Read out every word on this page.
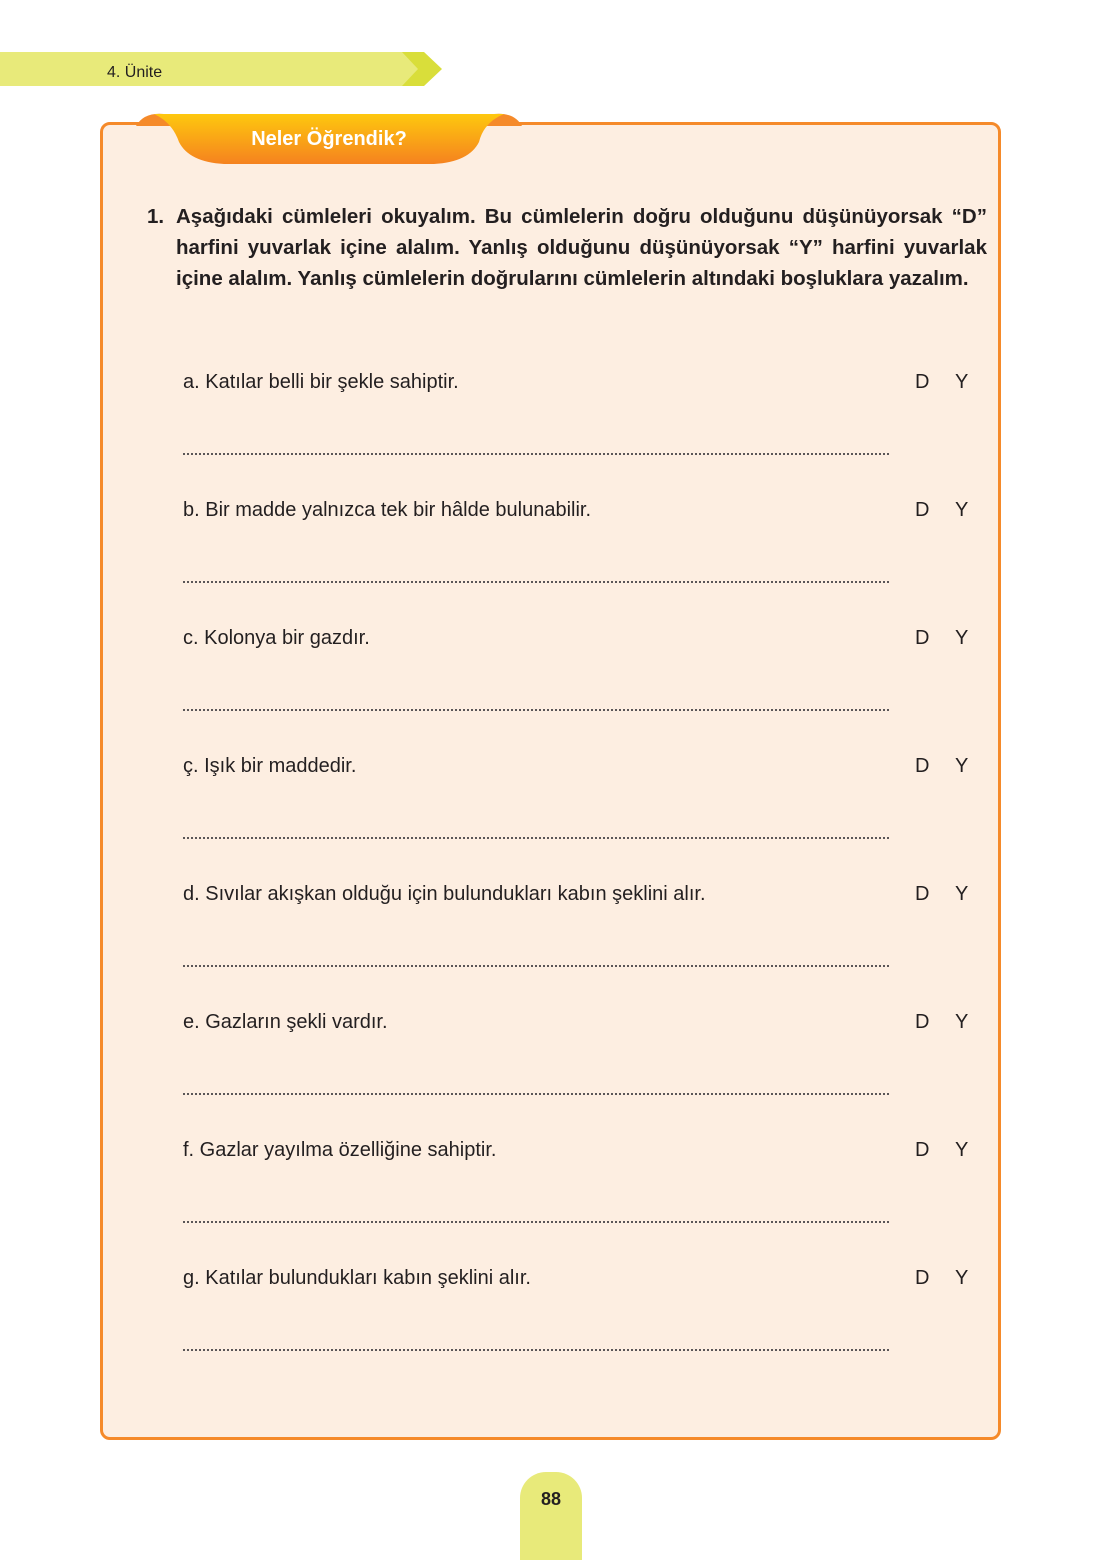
4. Ünite
Neler Öğrendik?
1. Aşağıdaki cümleleri okuyalım. Bu cümlelerin doğru olduğunu düşünüyorsak “D” harfini yuvarlak içine alalım. Yanlış olduğunu düşünüyorsak “Y” harfini yuvarlak içine alalım. Yanlış cümlelerin doğrularını cümlelerin altındaki boşluklara yazalım.
a. Katılar belli bir şekle sahiptir.	D Y
b. Bir madde yalnızca tek bir hâlde bulunabilir.	D Y
c. Kolonya bir gazdır.	D Y
ç. Işık bir maddedir.	D Y
d. Sıvılar akışkan olduğu için bulundukları kabın şeklini alır.	D Y
e. Gazların şekli vardır.	D Y
f. Gazlar yayılma özelliğine sahiptir.	D Y
g. Katılar bulundukları kabın şeklini alır.	D Y
88
